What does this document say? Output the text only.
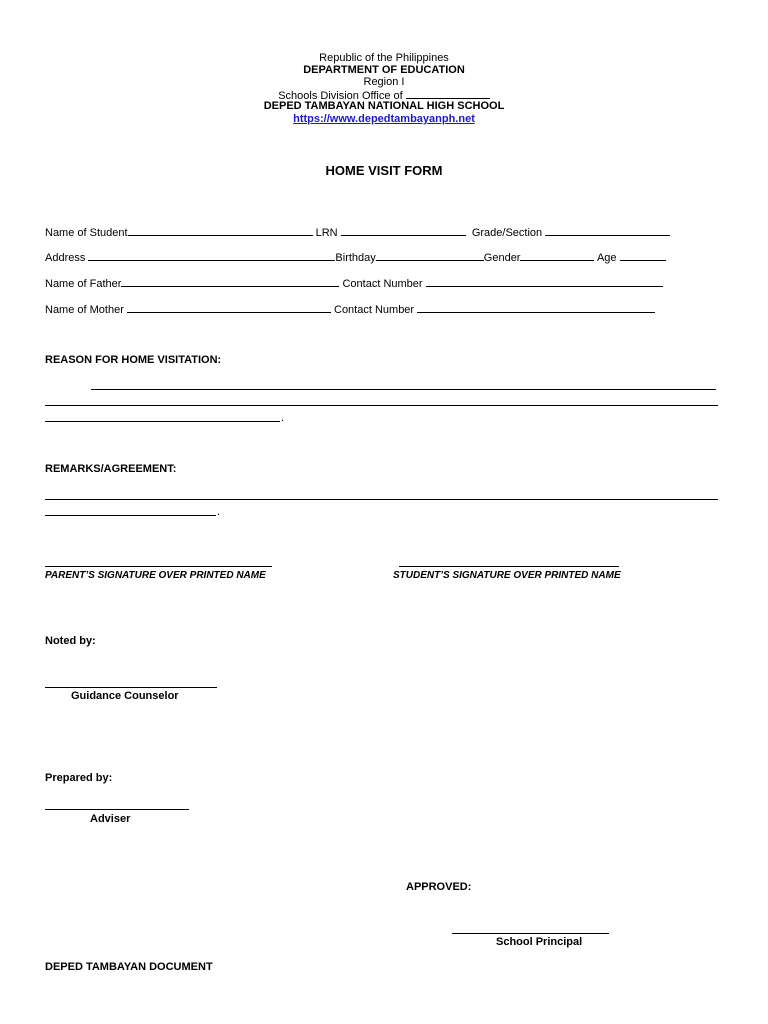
Republic of the Philippines
DEPARTMENT OF EDUCATION
Region I
Schools Division Office of
DEPED TAMBAYAN NATIONAL HIGH SCHOOL
https://www.depedtambayanph.net
HOME VISIT FORM
Name of Student	LRN	Grade/Section
Address	Birthday	Gender	Age
Name of Father	Contact Number
Name of Mother	Contact Number
REASON FOR HOME VISITATION:
.
REMARKS/AGREEMENT:
.
PARENT’S SIGNATURE OVER PRINTED NAME	STUDENT’S SIGNATURE OVER PRINTED NAME
Noted by:
Guidance Counselor
Prepared by:
Adviser
APPROVED:
School Principal
DEPED TAMBAYAN DOCUMENT
